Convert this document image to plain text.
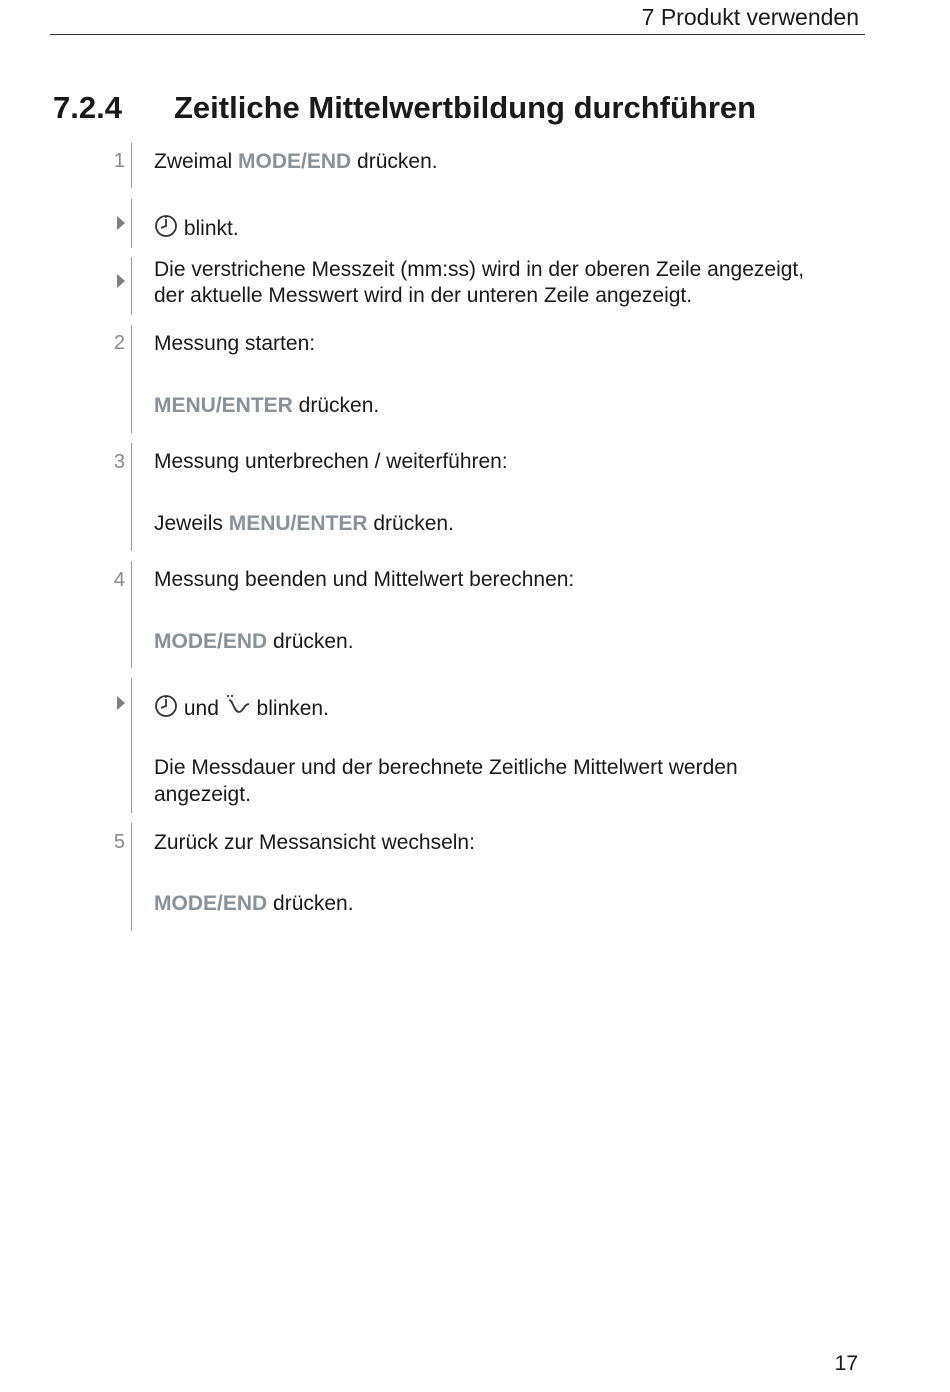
7 Produkt verwenden
7.2.4 Zeitliche Mittelwertbildung durchführen
1 Zweimal MODE/END drücken.
blinkt.
Die verstrichene Messzeit (mm:ss) wird in der oberen Zeile angezeigt,
der aktuelle Messwert wird in der unteren Zeile angezeigt.
2 Messung starten:
MENU/ENTER drücken.
3 Messung unterbrechen / weiterführen:
Jeweils MENU/ENTER drücken.
4 Messung beenden und Mittelwert berechnen:
MODE/END drücken.
und  blinken.
Die Messdauer und der berechnete Zeitliche Mittelwert werden
angezeigt.
5 Zurück zur Messansicht wechseln:
MODE/END drücken.
17
